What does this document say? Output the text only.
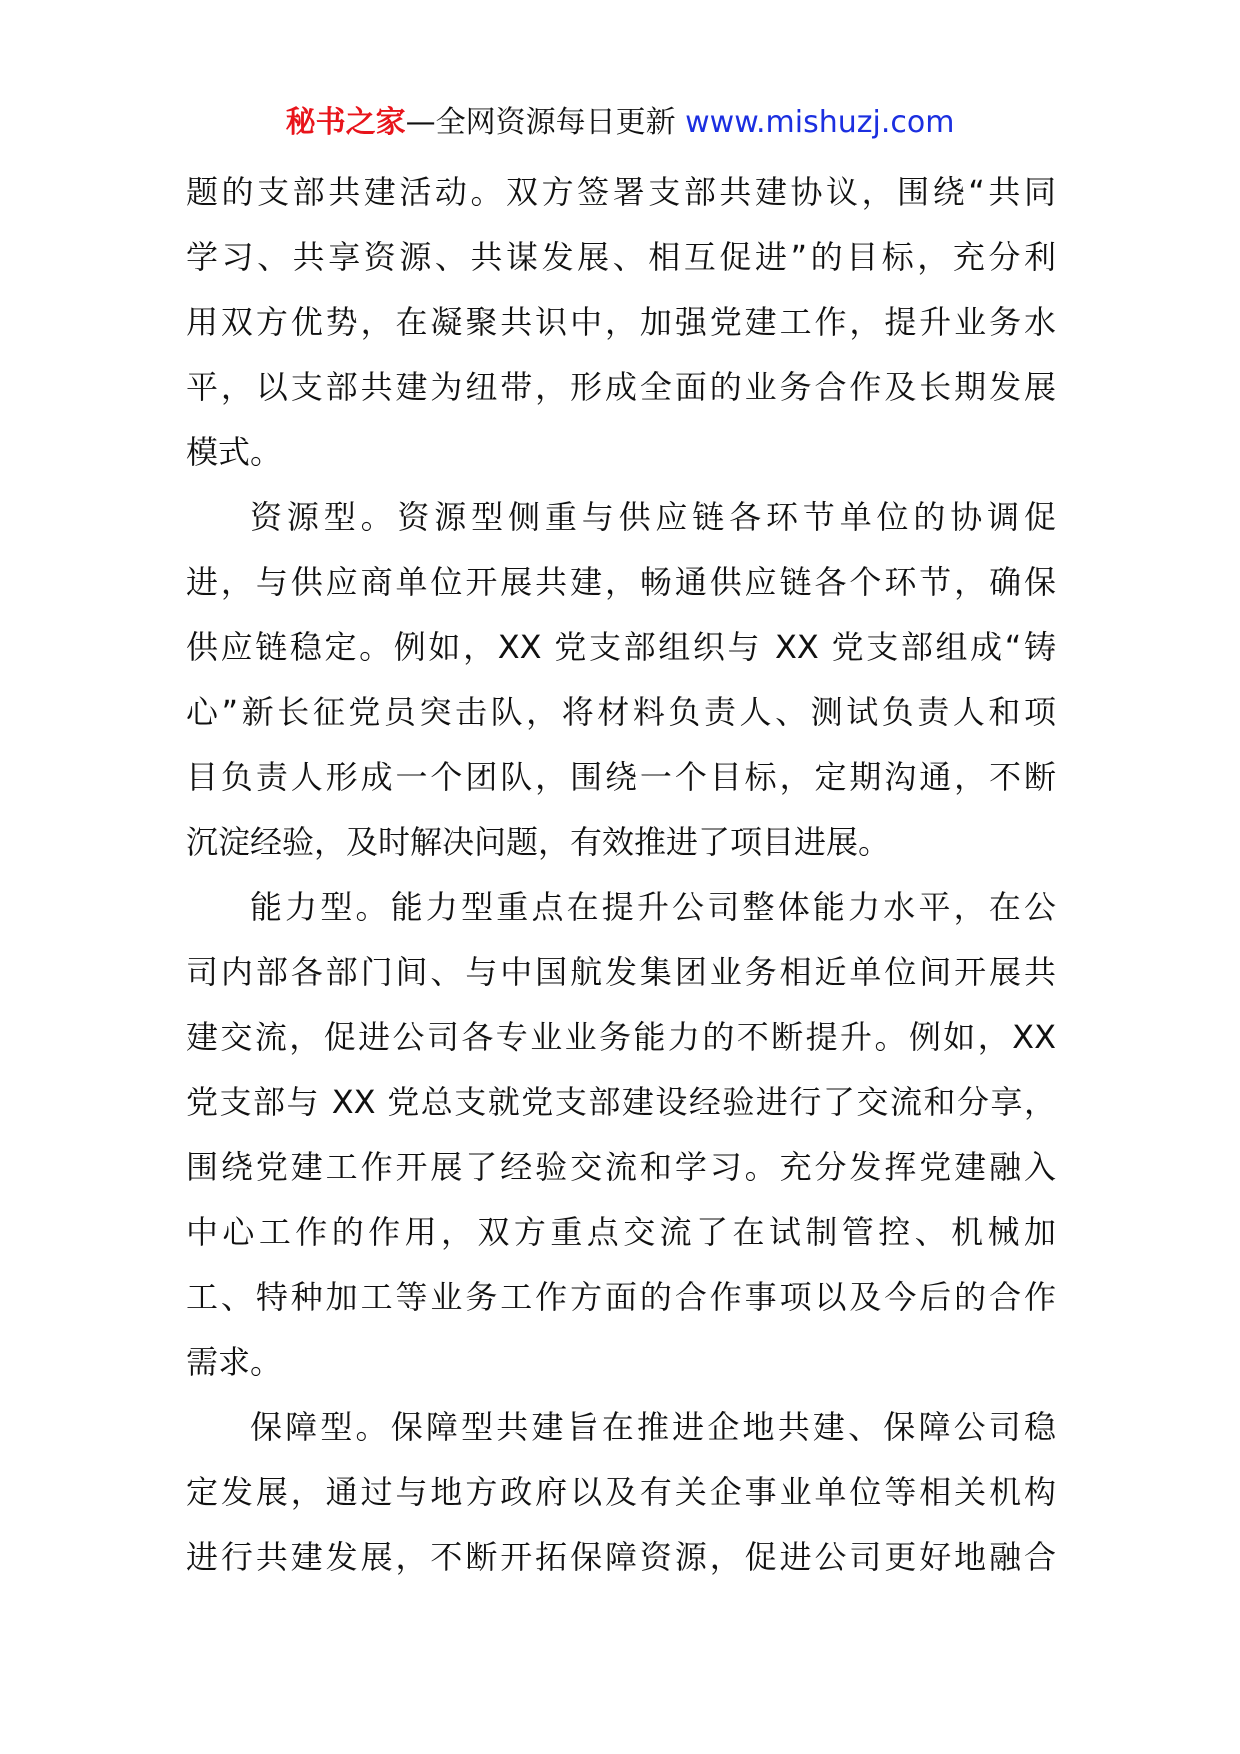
秘书之家—全网资源每日更新 www.mishuzj.com
题的支部共建活动。双方签署支部共建协议，围绕“共同
学习、共享资源、共谋发展、相互促进”的目标，充分利
用双方优势，在凝聚共识中，加强党建工作，提升业务水
平，以支部共建为纽带，形成全面的业务合作及长期发展
模式。
资源型。资源型侧重与供应链各环节单位的协调促
进，与供应商单位开展共建，畅通供应链各个环节，确保
供应链稳定。例如，XX 党支部组织与 XX 党支部组成“铸
心”新长征党员突击队，将材料负责人、测试负责人和项
目负责人形成一个团队，围绕一个目标，定期沟通，不断
沉淀经验，及时解决问题，有效推进了项目进展。
能力型。能力型重点在提升公司整体能力水平，在公
司内部各部门间、与中国航发集团业务相近单位间开展共
建交流，促进公司各专业业务能力的不断提升。例如，XX
党支部与 XX 党总支就党支部建设经验进行了交流和分享，
围绕党建工作开展了经验交流和学习。充分发挥党建融入
中心工作的作用，双方重点交流了在试制管控、机械加
工、特种加工等业务工作方面的合作事项以及今后的合作
需求。
保障型。保障型共建旨在推进企地共建、保障公司稳
定发展，通过与地方政府以及有关企事业单位等相关机构
进行共建发展，不断开拓保障资源，促进公司更好地融合
